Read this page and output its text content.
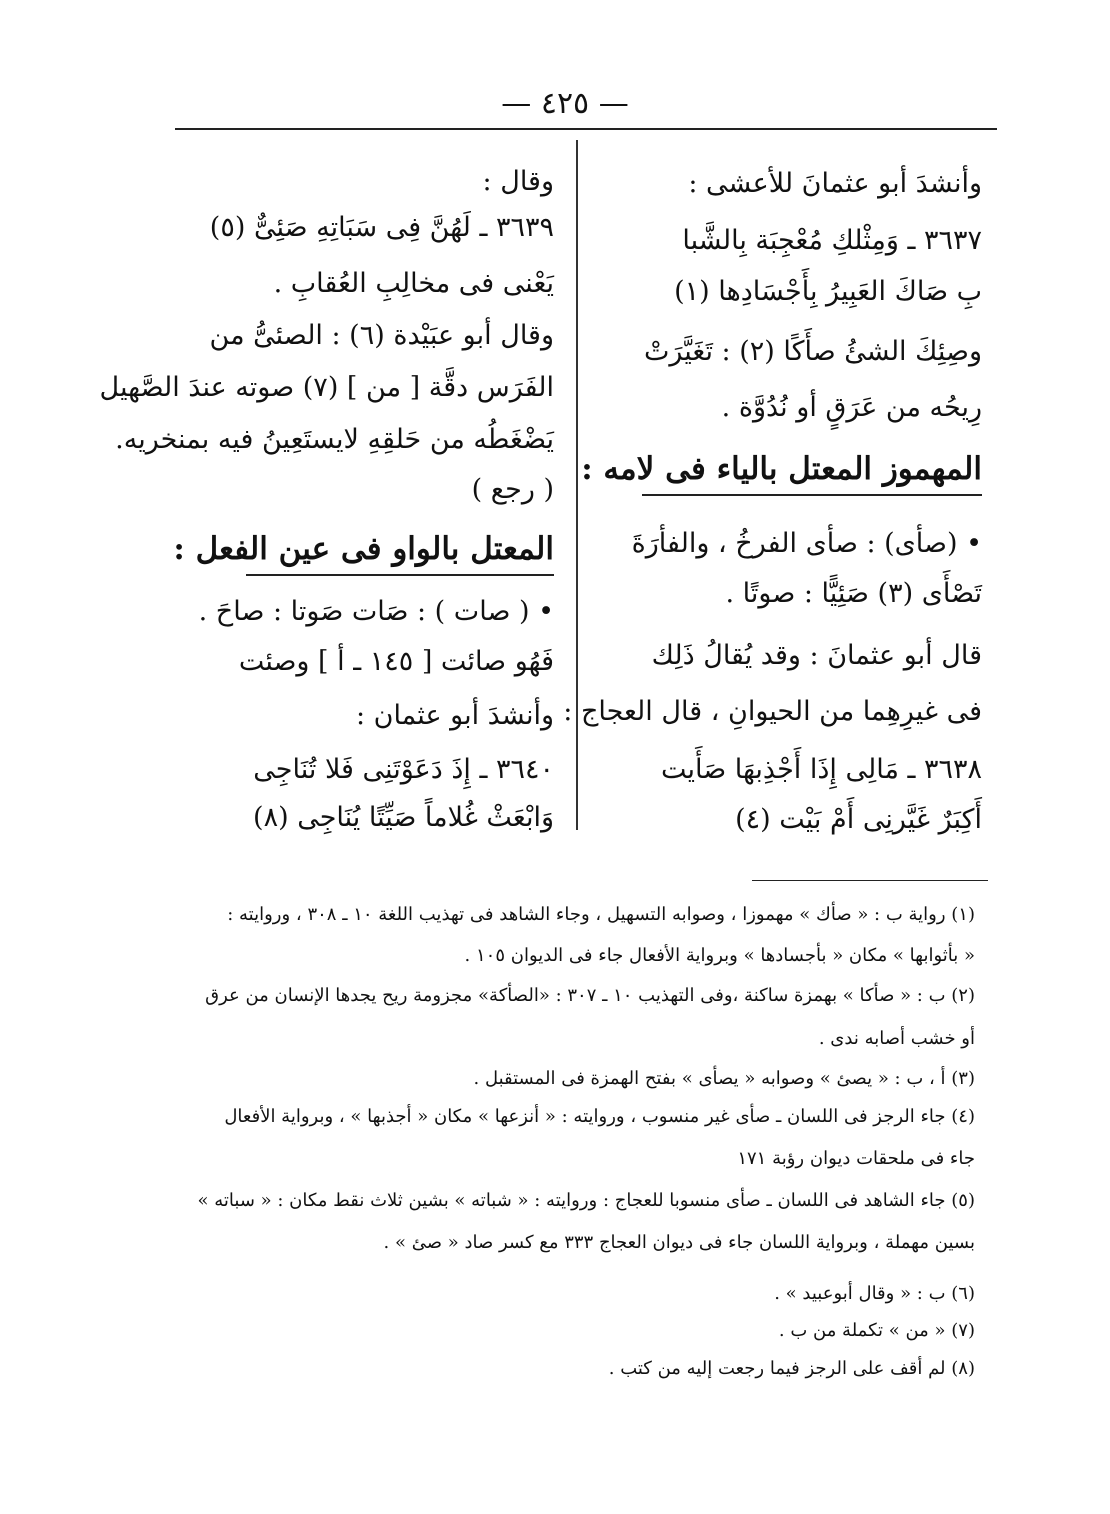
— ٤٢٥ —
وأنشدَ أبو عثمانَ للأعشى :
٣٦٣٧ ـ وَمِثْلكِ مُعْجِبَة بِالشَّبا
بِ صَاكَ العَبِيرُ بِأَجْسَادِها (١)
وصِئِكَ الشئُ صأَكًا (٢) : تَغَيَّرَتْ
رِيحُه من عَرَقٍ أو نُدُوَّة .
المهموز المعتل بالياء فى لامه :
• (صأى) : صأى الفرخُ ، والفأرَةَ
تَصْأَى (٣) صَئِيًّا : صوتًا .
قال أبو عثمانَ : وقد يُقالُ ذَلِك
فى غيرِهِما من الحيوانِ ، قال العجاج :
٣٦٣٨ ـ مَالِى إِذَا أَجْذِبهَا صَأَيت
أَكِبَرٌ غَيَّرنِى أَمْ بَيْت (٤)
وقال :
٣٦٣٩ ـ لَهُنَّ فِى سَبَاتِهِ صَئِىٌّ (٥)
يَعْنى فى مخالِبِ العُقابِ .
وقال أبو عبَيْدة (٦) : الصئىُّ من
الفَرَس دقَّة [ من ] (٧) صوته عندَ الصَّهيل
يَضْغَطُه من حَلقِهِ لايستَعِينُ فيه بمنخريه.
( رجع )
المعتل بالواو فى عين الفعل :
• ( صات ) : صَات صَوتا : صاحَ .
فَهُو صائت [ ١٤٥ ـ أ ] وصئت
وأنشدَ أبو عثمان :
٣٦٤٠ ـ إِذَ دَعَوْتَنِى فَلا تُنَاجِى
وَابْعَثْ غُلاماً صَيِّتًا يُنَاجِى (٨)
(١) رواية ب : « صأك » مهموزا ، وصوابه التسهيل ، وجاء الشاهد فى تهذيب اللغة ١٠ ـ ٣٠٨ ، وروايته :
« بأثوابها » مكان « بأجسادها » وبرواية الأفعال جاء فى الديوان ١٠٥ .
(٢) ب : « صأكا » بهمزة ساكنة ،وفى التهذيب ١٠ ـ ٣٠٧ : «الصأكة» مجزومة ريح يجدها الإنسان من عرق
أو خشب أصابه ندى .
(٣) أ ، ب : « يصئ » وصوابه « يصأى » بفتح الهمزة فى المستقبل .
(٤) جاء الرجز فى اللسان ـ صأى غير منسوب ، وروايته : « أنزعها » مكان « أجذبها » ، وبرواية الأفعال
جاء فى ملحقات ديوان رؤبة ١٧١
(٥) جاء الشاهد فى اللسان ـ صأى منسوبا للعجاج : وروايته : « شباته » بشين ثلاث نقط مكان : « سباته »
بسين مهملة ، وبرواية اللسان جاء فى ديوان العجاج ٣٣٣ مع كسر صاد « صئ » .
(٦) ب : « وقال أبوعبيد » .
(٧) « من » تكملة من ب .
(٨) لم أقف على الرجز فيما رجعت إليه من كتب .
